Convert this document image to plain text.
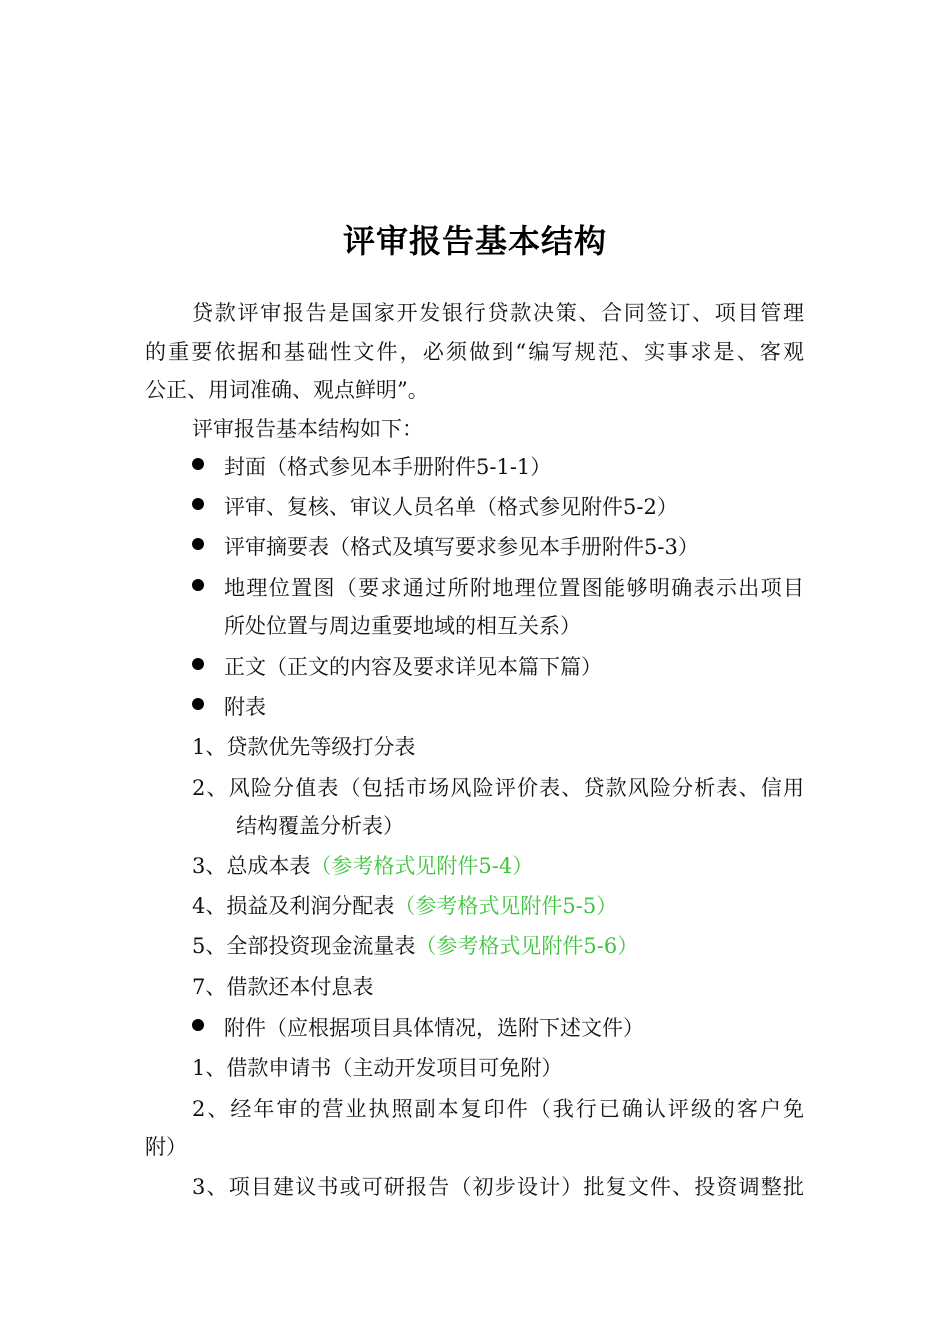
评审报告基本结构
贷款评审报告是国家开发银行贷款决策、合同签订、项目管理
的重要依据和基础性文件，必须做到“编写规范、实事求是、客观
公正、用词准确、观点鲜明”。
评审报告基本结构如下：
封面（格式参见本手册附件5-1-1）
评审、复核、审议人员名单（格式参见附件5-2）
评审摘要表（格式及填写要求参见本手册附件5-3）
地理位置图（要求通过所附地理位置图能够明确表示出项目
所处位置与周边重要地域的相互关系）
正文（正文的内容及要求详见本篇下篇）
附表
1、贷款优先等级打分表
2、风险分值表（包括市场风险评价表、贷款风险分析表、信用
结构覆盖分析表）
3、总成本表（参考格式见附件5-4）
4、损益及利润分配表（参考格式见附件5-5）
5、全部投资现金流量表（参考格式见附件5-6）
7、借款还本付息表
附件（应根据项目具体情况，选附下述文件）
1、借款申请书（主动开发项目可免附）
2、经年审的营业执照副本复印件（我行已确认评级的客户免
附）
3、项目建议书或可研报告（初步设计）批复文件、投资调整批
